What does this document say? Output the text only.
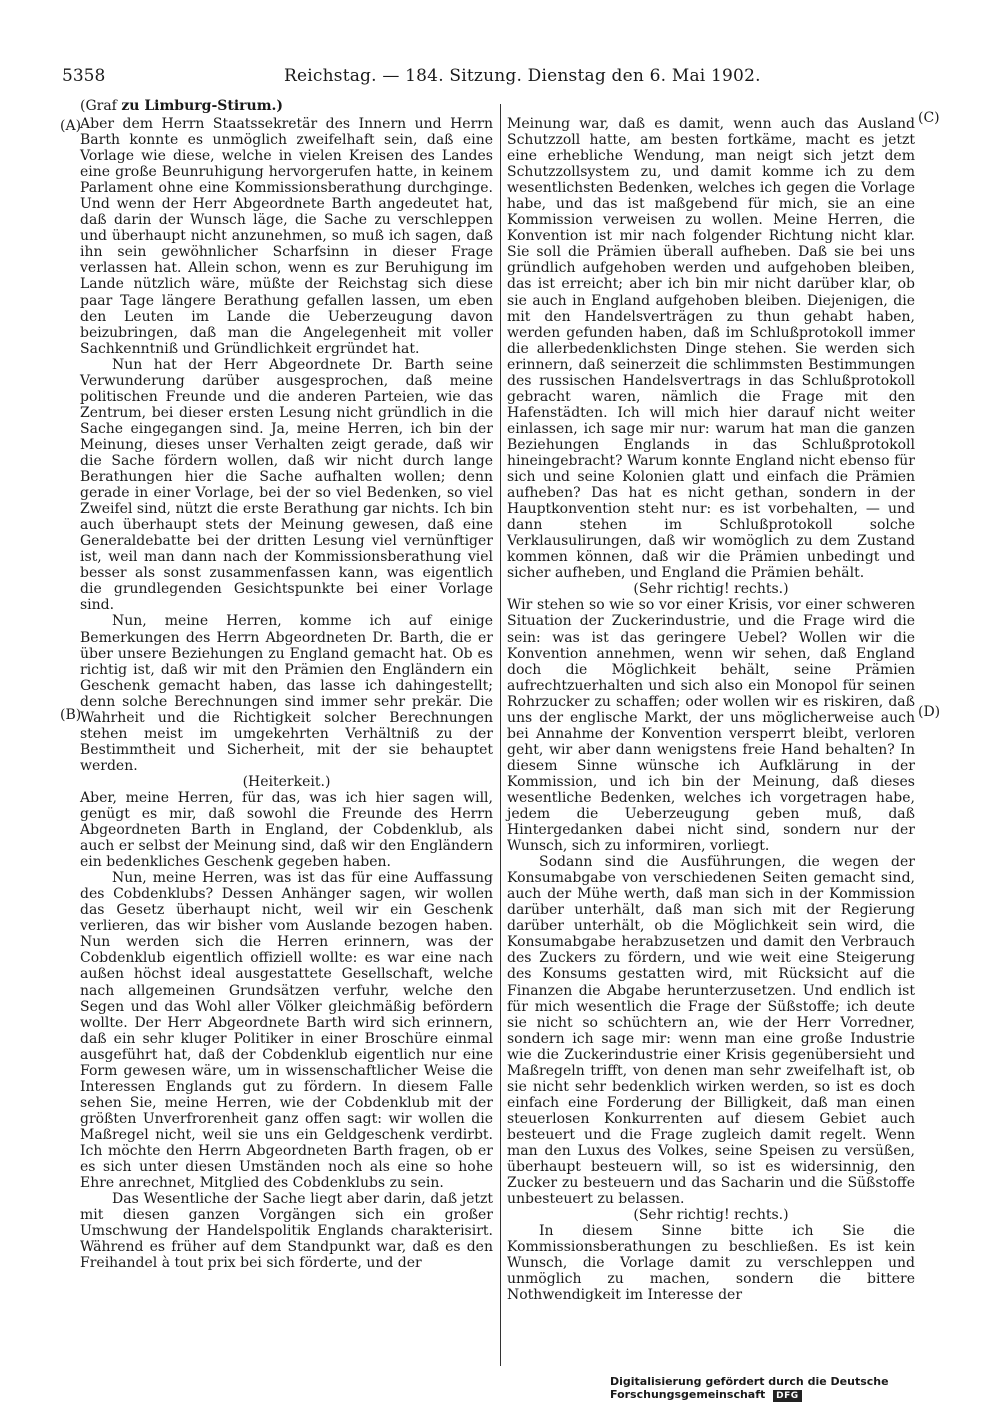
5358	Reichstag. — 184. Sitzung. Dienstag den 6. Mai 1902.
(Graf zu Limburg-Stirum.)
(A)
(B)
(C)
(D)

Aber dem Herrn Staatssekretär des Innern und Herrn Barth konnte es unmöglich zweifelhaft sein, daß eine Vorlage wie diese, welche in vielen Kreisen des Landes eine große Beunruhigung hervorgerufen hatte, in keinem Parlament ohne eine Kommissionsberathung durchginge. Und wenn der Herr Abgeordnete Barth angedeutet hat, daß darin der Wunsch läge, die Sache zu verschleppen und überhaupt nicht anzunehmen, so muß ich sagen, daß ihn sein gewöhnlicher Scharfsinn in dieser Frage verlassen hat. Allein schon, wenn es zur Beruhigung im Lande nützlich wäre, müßte der Reichstag sich diese paar Tage längere Berathung gefallen lassen, um eben den Leuten im Lande die Ueberzeugung davon beizubringen, daß man die Angelegenheit mit voller Sachkenntniß und Gründlichkeit ergründet hat.

Nun hat der Herr Abgeordnete Dr. Barth seine Verwunderung darüber ausgesprochen, daß meine politischen Freunde und die anderen Parteien, wie das Zentrum, bei dieser ersten Lesung nicht gründlich in die Sache eingegangen sind. Ja, meine Herren, ich bin der Meinung, dieses unser Verhalten zeigt gerade, daß wir die Sache fördern wollen, daß wir nicht durch lange Berathungen hier die Sache aufhalten wollen; denn gerade in einer Vorlage, bei der so viel Bedenken, so viel Zweifel sind, nützt die erste Berathung gar nichts. Ich bin auch überhaupt stets der Meinung gewesen, daß eine Generaldebatte bei der dritten Lesung viel vernünftiger ist, weil man dann nach der Kommissionsberathung viel besser als sonst zusammenfassen kann, was eigentlich die grundlegenden Gesichtspunkte bei einer Vorlage sind.

Nun, meine Herren, komme ich auf einige Bemerkungen des Herrn Abgeordneten Dr. Barth, die er über unsere Beziehungen zu England gemacht hat. Ob es richtig ist, daß wir mit den Prämien den Engländern ein Geschenk gemacht haben, das lasse ich dahingestellt; denn solche Berechnungen sind immer sehr prekär. Die Wahrheit und die Richtigkeit solcher Berechnungen stehen meist im umgekehrten Verhältniß zu der Bestimmtheit und Sicherheit, mit der sie behauptet werden.

(Heiterkeit.)

Aber, meine Herren, für das, was ich hier sagen will, genügt es mir, daß sowohl die Freunde des Herrn Abgeordneten Barth in England, der Cobdenklub, als auch er selbst der Meinung sind, daß wir den Engländern ein bedenkliches Geschenk gegeben haben.

Nun, meine Herren, was ist das für eine Auffassung des Cobdenklubs? Dessen Anhänger sagen, wir wollen das Gesetz überhaupt nicht, weil wir ein Geschenk verlieren, das wir bisher vom Auslande bezogen haben. Nun werden sich die Herren erinnern, was der Cobdenklub eigentlich offiziell wollte: es war eine nach außen höchst ideal ausgestattete Gesellschaft, welche nach allgemeinen Grundsätzen verfuhr, welche den Segen und das Wohl aller Völker gleichmäßig befördern wollte. Der Herr Abgeordnete Barth wird sich erinnern, daß ein sehr kluger Politiker in einer Broschüre einmal ausgeführt hat, daß der Cobdenklub eigentlich nur eine Form gewesen wäre, um in wissenschaftlicher Weise die Interessen Englands gut zu fördern. In diesem Falle sehen Sie, meine Herren, wie der Cobdenklub mit der größten Unverfrorenheit ganz offen sagt: wir wollen die Maßregel nicht, weil sie uns ein Geldgeschenk verdirbt. Ich möchte den Herrn Abgeordneten Barth fragen, ob er es sich unter diesen Umständen noch als eine so hohe Ehre anrechnet, Mitglied des Cobdenklubs zu sein.

Das Wesentliche der Sache liegt aber darin, daß jetzt mit diesen ganzen Vorgängen sich ein großer Umschwung der Handelspolitik Englands charakterisirt. Während es früher auf dem Standpunkt war, daß es den Freihandel à tout prix bei sich förderte, und der

Meinung war, daß es damit, wenn auch das Ausland Schutzzoll hatte, am besten fortkäme, macht es jetzt eine erhebliche Wendung, man neigt sich jetzt dem Schutzzollsystem zu, und damit komme ich zu dem wesentlichsten Bedenken, welches ich gegen die Vorlage habe, und das ist maßgebend für mich, sie an eine Kommission verweisen zu wollen. Meine Herren, die Konvention ist mir nach folgender Richtung nicht klar. Sie soll die Prämien überall aufheben. Daß sie bei uns gründlich aufgehoben werden und aufgehoben bleiben, das ist erreicht; aber ich bin mir nicht darüber klar, ob sie auch in England aufgehoben bleiben. Diejenigen, die mit den Handelsverträgen zu thun gehabt haben, werden gefunden haben, daß im Schlußprotokoll immer die allerbedenklichsten Dinge stehen. Sie werden sich erinnern, daß seinerzeit die schlimmsten Bestimmungen des russischen Handelsvertrags in das Schlußprotokoll gebracht waren, nämlich die Frage mit den Hafenstädten. Ich will mich hier darauf nicht weiter einlassen, ich sage mir nur: warum hat man die ganzen Beziehungen Englands in das Schlußprotokoll hineingebracht? Warum konnte England nicht ebenso für sich und seine Kolonien glatt und einfach die Prämien aufheben? Das hat es nicht gethan, sondern in der Hauptkonvention steht nur: es ist vorbehalten, — und dann stehen im Schlußprotokoll solche Verklausulirungen, daß wir womöglich zu dem Zustand kommen können, daß wir die Prämien unbedingt und sicher aufheben, und England die Prämien behält.

(Sehr richtig! rechts.)

Wir stehen so wie so vor einer Krisis, vor einer schweren Situation der Zuckerindustrie, und die Frage wird die sein: was ist das geringere Uebel? Wollen wir die Konvention annehmen, wenn wir sehen, daß England doch die Möglichkeit behält, seine Prämien aufrechtzuerhalten und sich also ein Monopol für seinen Rohrzucker zu schaffen; oder wollen wir es riskiren, daß uns der englische Markt, der uns möglicherweise auch bei Annahme der Konvention versperrt bleibt, verloren geht, wir aber dann wenigstens freie Hand behalten? In diesem Sinne wünsche ich Aufklärung in der Kommission, und ich bin der Meinung, daß dieses wesentliche Bedenken, welches ich vorgetragen habe, jedem die Ueberzeugung geben muß, daß Hintergedanken dabei nicht sind, sondern nur der Wunsch, sich zu informiren, vorliegt.

Sodann sind die Ausführungen, die wegen der Konsumabgabe von verschiedenen Seiten gemacht sind, auch der Mühe werth, daß man sich in der Kommission darüber unterhält, daß man sich mit der Regierung darüber unterhält, ob die Möglichkeit sein wird, die Konsumabgabe herabzusetzen und damit den Verbrauch des Zuckers zu fördern, und wie weit eine Steigerung des Konsums gestatten wird, mit Rücksicht auf die Finanzen die Abgabe herunterzusetzen. Und endlich ist für mich wesentlich die Frage der Süßstoffe; ich deute sie nicht so schüchtern an, wie der Herr Vorredner, sondern ich sage mir: wenn man eine große Industrie wie die Zuckerindustrie einer Krisis gegenübersieht und Maßregeln trifft, von denen man sehr zweifelhaft ist, ob sie nicht sehr bedenklich wirken werden, so ist es doch einfach eine Forderung der Billigkeit, daß man einen steuerlosen Konkurrenten auf diesem Gebiet auch besteuert und die Frage zugleich damit regelt. Wenn man den Luxus des Volkes, seine Speisen zu versüßen, überhaupt besteuern will, so ist es widersinnig, den Zucker zu besteuern und das Sacharin und die Süßstoffe unbesteuert zu belassen.

(Sehr richtig! rechts.)

In diesem Sinne bitte ich Sie die Kommissionsberathungen zu beschließen. Es ist kein Wunsch, die Vorlage damit zu verschleppen und unmöglich zu machen, sondern die bittere Nothwendigkeit im Interesse der

Digitalisierung gefördert durch die Deutsche Forschungsgemeinschaft DFG
